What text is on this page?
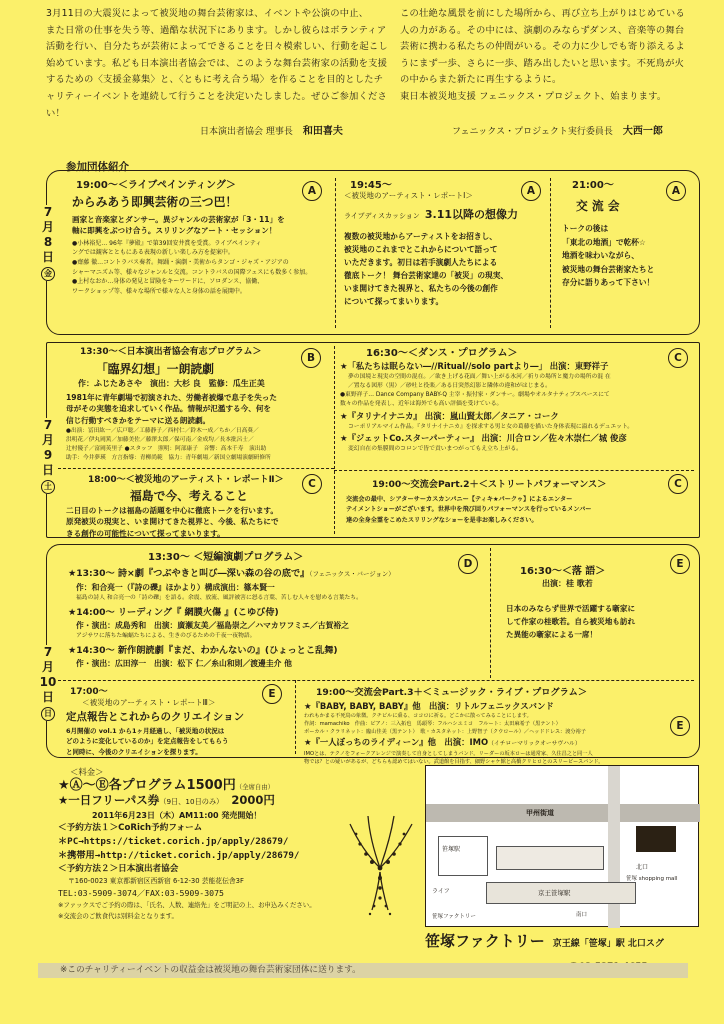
3月11日の大震災によって被災地の舞台芸術家は、イベントや公演の中止、
また日常の仕事を失う等、過酷な状況下にあります。しかし彼らはボランティア活動を行い、自分たちが芸術によってできることを日々模索しい、行動を起こし始めています。私ども日本演出者協会では、このような舞台芸術家の活動を支援するための〈支援金募集〉と、〈ともに考え合う場〉を作ることを目的としたチャリティーイベントを連続して行うことを決定いたしました。ぜひご参加ください！
日本演出者協会 理事長 和田喜夫
この壮絶な風景を前にした場所から、再び立ち上がりはじめている人の力がある。その中には、演劇のみならずダンス、音楽等の舞台芸術に携わる私たちの仲間がいる。その力に少しでも寄り添えるようにまず一歩、さらに一歩、踏み出したいと思います。不死鳥が火の中からまた新たに再生するように。
東日本被災地支援 フェニックス・プロジェクト、始まります。
フェニックス・プロジェクト実行委員長 大西一郎
参加団体紹介
7
月
8
日
金
19:00～＜ライブペインティング＞
からみあう即興芸術の三つ巴！
画家と音楽家とダンサー。異ジャンルの芸術家が「3・11」を
軸に即興をぶつけ合う。スリリングなアート・セッション！
●小林裕児… 96年『夢殿』で第39回安井賞を受賞。ライブペインティ
ングでは観客とともにある表現の新しい楽しみ方を提案中。
●齋藤 徹…コントラバス奏者。舞踊・演劇・美術からタンゴ・ジャズ・アジアの
シャーマニズム等、様々なジャンルと交流。コントラバスの国際フェスにも数多く参加。
●上村なおか…身体の発見と冒険をキーワードに、ソロダンス、協働、
ワークショップ等、様々な場所で様々な人と身体の話を展開中。
A	19:45～
＜被災地のアーティスト・レポートⅠ＞
ライブディスカッション 3.11以降の想像力
複数の被災地からアーティストをお招きし、
被災地のこれまでとこれからについて語って
いただきます。初日は若手演劇人たちによる
徹底トーク！ 舞台芸術家達の「被災」の現実、
いま開けてきた視界と、私たちの今後の創作
について探ってまいります。
A	21:00～
交 流 会
トークの後は
「東北の地酒」で乾杯☆
地酒を味わいながら、
被災地の舞台芸術家たちと
存分に語りあって下さい！
A
7
月
9
日
土
13:30～＜日本演出者協会有志プログラム＞
「臨界幻想」一朗読劇
作：ふじたあさや　演出：大杉 良　監修：瓜生正美
1981年に青年劇場で初演された、労働者被爆で息子を失った
母がその実態を追求していく作品。情報が氾濫する今、何を
信じ行動すべきかをテーマに送る朗読劇。
●出演：冨田紘一／広戸聡／工藤静子／西村仁／鈴木一成／ちか／日高葵／
洪明花／伊丸岡篤／加藤美佐／藤澤太郎／保可南／金成均／長本批呂士／
辻村優子／富岡英里子 ●スタッフ　照明：阿部康子　音響：高本千寿　演出助
助手：今井夢瑛　方言指導：青柳尚範　協力：青年劇場／新国立劇場演劇研修所
B	16:30～＜ダンス・プログラム＞
★「私たちは眠らない―//Ritual//solo partより―」 出演：東野祥子
夢の国境と現実の空間の混在。／欲き上げる花面／舞い上がる氷河／祈りの場所と魔力の場所の混 在
／置なる図形（黒）／砂吐と役楽／ある日突然幻影と隣体の違和がはじまる。
●東野祥子… Dance Company BABY-Q 主宰・振付家・ダンサー。劇場やオルタナティブスペースにて
数々の作品を発表し、近年は海外でも高い評価を受けている。
★『タリナイナニカ』 出演：嵐山賢太郎／タニア・コーク
コーポリアルマイム作品。『タリナイナニカ』を探求する男と女の葛藤を描いた身体表現に溢れるデュエット。
★『ジェットCo.スターパーティー』 出演：川合ロン／佐々木崇仁／城 俊彦
変幻自在の集膜間のコロンで皆で貢いまつがってもえ立ち上がる。
C
18:00～＜被災地のアーティスト・レポートⅡ＞
福島で今、考えること
二日目のトークは福島の話題を中心に徹底トークを行います。
原発被災の現実と、いま開けてきた視界と、今後、私たちにで
きる創作の可能性について探ってまいります。
C	19:00～交流会Part.2＋＜ストリートパフォーマンス＞
交流会の最中、シアターサーカスカンパニー【ティキ★パークゥ】によるエンター
テイメントショーがございます。世界中を飛び回りパフォーマンスを行っているメンバー
達の全身全霊をこめたスリリングなショーを是非お楽しみください。
C
7
月
10
日
日
13:30～ ＜短編演劇プログラム＞
★13:30～ 詩×劇『つぶやきと叫び―深い森の谷の底で』（フェニックス・バージョン）
作：和合亮一（『詩の礫』ほかより）構成演出：篠本賢一
福島の詩人 和合亮一の「詩の礫」を語る。余震、放流、風評被害に怒る言葉、苦しむ人々を慰める言葉たち。
★14:00～ リーディング『 網膜火傷 』(こゆび侍)
作・演出：成島秀和　出演：廣瀬友美／福島崇之／ハマカワフミエ／古賀裕之
アジサワに落ちた蝙蝠たちによる、生きのびるための千夜一夜物語。
★14:30～ 新作朗読劇『まだ、わかんないの』(ひょっとこ乱舞)
作・演出：広田淳一　出演：松下 仁／糸山和則／渡邊圭介 他
D
16:30～＜落 語＞
出演：桂 歌若
日本のみならず世界で活躍する噺家に
して作家の桂歌若。自ら被災地も訪れ
た異能の噺家による一席！
E
17:00～
＜被災地のアーティスト・レポートⅢ＞
定点報告とこれからのクリエイション
6月開催の vol.1 から1ヶ月経過し、「被災地の状況は
どのように変化しているのか」を定点報告をしてもらう
と同時に、今後のクリエイションを探ります。
E	19:00～交流会Part.3＋＜ミュージック・ライブ・プログラム＞
★『BABY, BABY, BABY』他　出演：リトルフェニックスバンド
われもかまる不死鳥の象徴。クチビルに乗る、ココロに祈る。どこかに散ってみることにします。
作詞：mamachiko　作曲：ピアノ：三入拓也　馬頭琴：フルハシユミコ　フルート：太田麻希子（黒テント）
ボーカル・クラリネット：臨山佳美（黒テント）　歌・カスタネット：上野智子（クウロール）／ヘッドドレス：渡分裕子
★『一人ぼっちのライディーン』他　出演：IMO（イチローマリックオーサヴハル）
IMOとは、テクノをフォークアレンジで演奏して自身としてしまうバンド。リーダーの坂本ローは通常家、久住昌之と同一人
物では？との疑いがあるが、どちらも認めてはいない。武道館を目指す、細野シャケ館と高橋クリヒロとのスリーピースバンド。
E
＜料金＞
★Ⓐ～Ⓔ各プログラム1500円（全席自由）
★一日フリーパス券（9日、10日のみ） 2000円
2011年6月23日（木）AM11:00 発売開始！
＜予約方法１＞CoRich予約フォーム
＊PC→https://ticket.corich.jp/apply/28679/
＊携帯用→http://ticket.corich.jp/apply/28679/
＜予約方法２＞日本演出者協会
〒160-0023 東京都新宿区西新宿 6-12-30 芸能花伝舎3F
TEL:03-5909-3074／FAX:03-5909-3075
※ファックスでご予約の際は、「氏名、人数、連絡先」をご明記の上、お申込みください。
※交流会のご飲食代は別料金となります。
甲州街道
笹塚駅
ライフ
笹塚 shopping mall
京王笹塚駅
北口
南口
笹塚ファクトリー
笹塚ファクトリー 京王線「笹塚」駅 北口スグ
※このチャリティーイベントの収益金は被災地の舞台芸術家団体に送ります。
